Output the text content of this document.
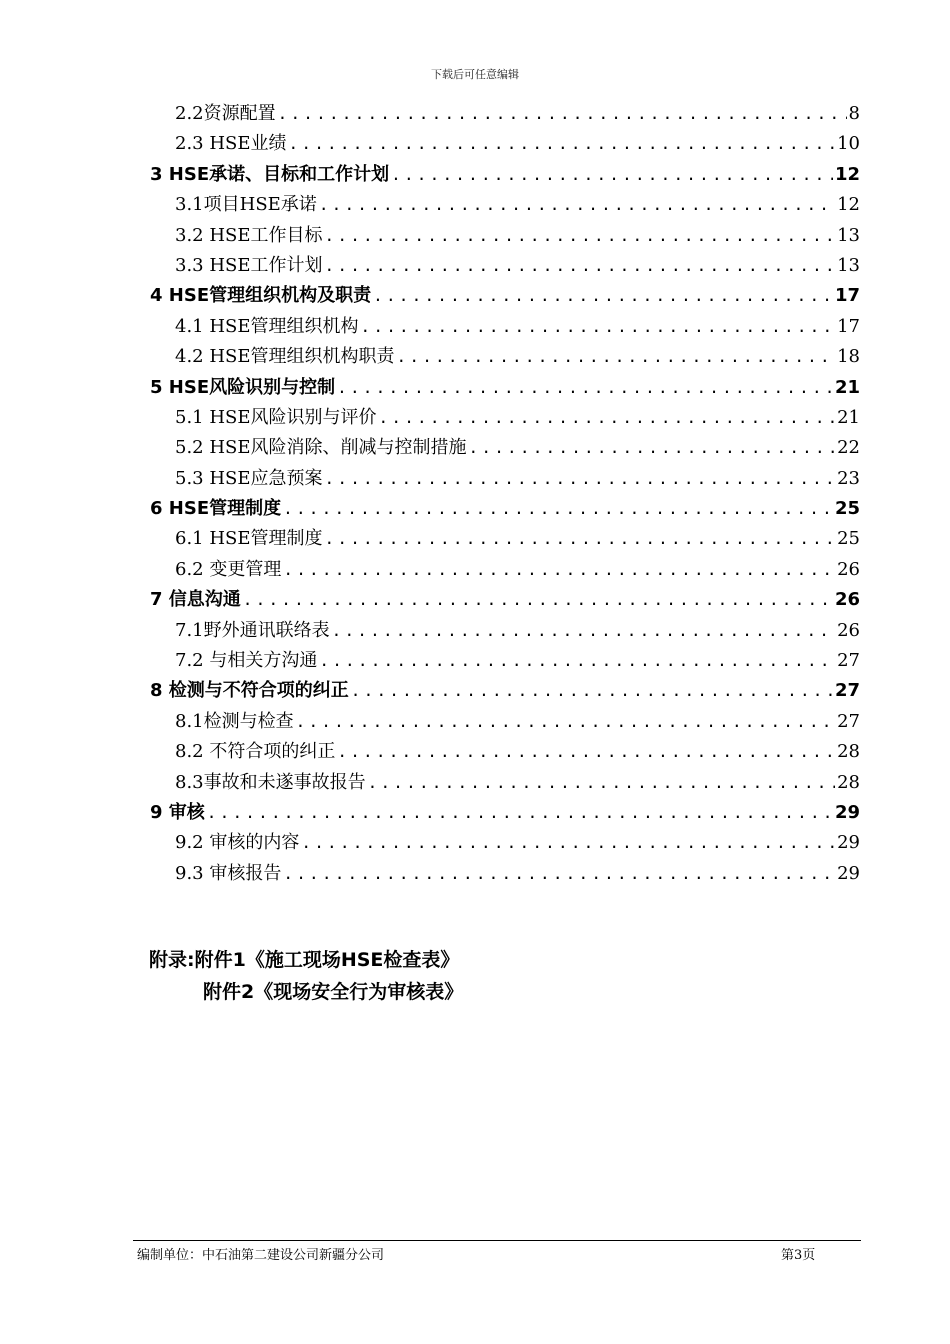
下载后可任意编辑
2.2 资源配置 .....	8
2.3 HSE业绩 .....	10
3 HSE承诺、目标和工作计划 .....	12
3.1 项目HSE承诺 .....	12
3.2 HSE工作目标 .....	13
3.3 HSE工作计划 .....	13
4 HSE管理组织机构及职责 .....	17
4.1 HSE管理组织机构 .....	17
4.2 HSE管理组织机构职责 .....	18
5 HSE风险识别与控制 .....	21
5.1 HSE风险识别与评价 .....	21
5.2 HSE风险消除、削减与控制措施 .....	22
5.3 HSE应急预案 .....	23
6 HSE管理制度 .....	25
6.1 HSE管理制度 .....	25
6.2 变更管理 .....	26
7 信息沟通 .....	26
7.1 野外通讯联络表 .....	26
7.2 与相关方沟通 .....	27
8 检测与不符合项的纠正 .....	27
8.1 检测与检查 .....	27
8.2 不符合项的纠正 .....	28
8.3 事故和未遂事故报告 .....	28
9 审核 .....	29
9.2 审核的内容 .....	29
9.3 审核报告 .....	29
附录:附件1《施工现场HSE检查表》
附件2《现场安全行为审核表》
编制单位：中石油第二建设公司新疆分公司	第3页
